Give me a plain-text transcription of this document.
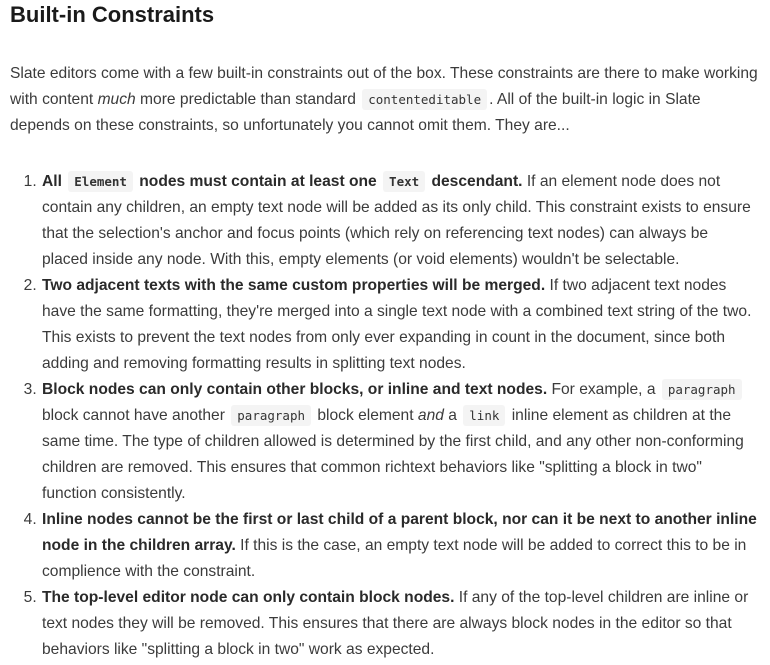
Built-in Constraints

Slate editors come with a few built-in constraints out of the box. These constraints are there to make working with content much more predictable than standard contenteditable . All of the built-in logic in Slate depends on these constraints, so unfortunately you cannot omit them. They are...

1. All Element nodes must contain at least one Text descendant. If an element node does not contain any children, an empty text node will be added as its only child. This constraint exists to ensure that the selection's anchor and focus points (which rely on referencing text nodes) can always be placed inside any node. With this, empty elements (or void elements) wouldn't be selectable.
2. Two adjacent texts with the same custom properties will be merged. If two adjacent text nodes have the same formatting, they're merged into a single text node with a combined text string of the two. This exists to prevent the text nodes from only ever expanding in count in the document, since both adding and removing formatting results in splitting text nodes.
3. Block nodes can only contain other blocks, or inline and text nodes. For example, a paragraph block cannot have another paragraph block element and a link inline element as children at the same time. The type of children allowed is determined by the first child, and any other non-conforming children are removed. This ensures that common richtext behaviors like "splitting a block in two" function consistently.
4. Inline nodes cannot be the first or last child of a parent block, nor can it be next to another inline node in the children array. If this is the case, an empty text node will be added to correct this to be in complience with the constraint.
5. The top-level editor node can only contain block nodes. If any of the top-level children are inline or text nodes they will be removed. This ensures that there are always block nodes in the editor so that behaviors like "splitting a block in two" work as expected.
